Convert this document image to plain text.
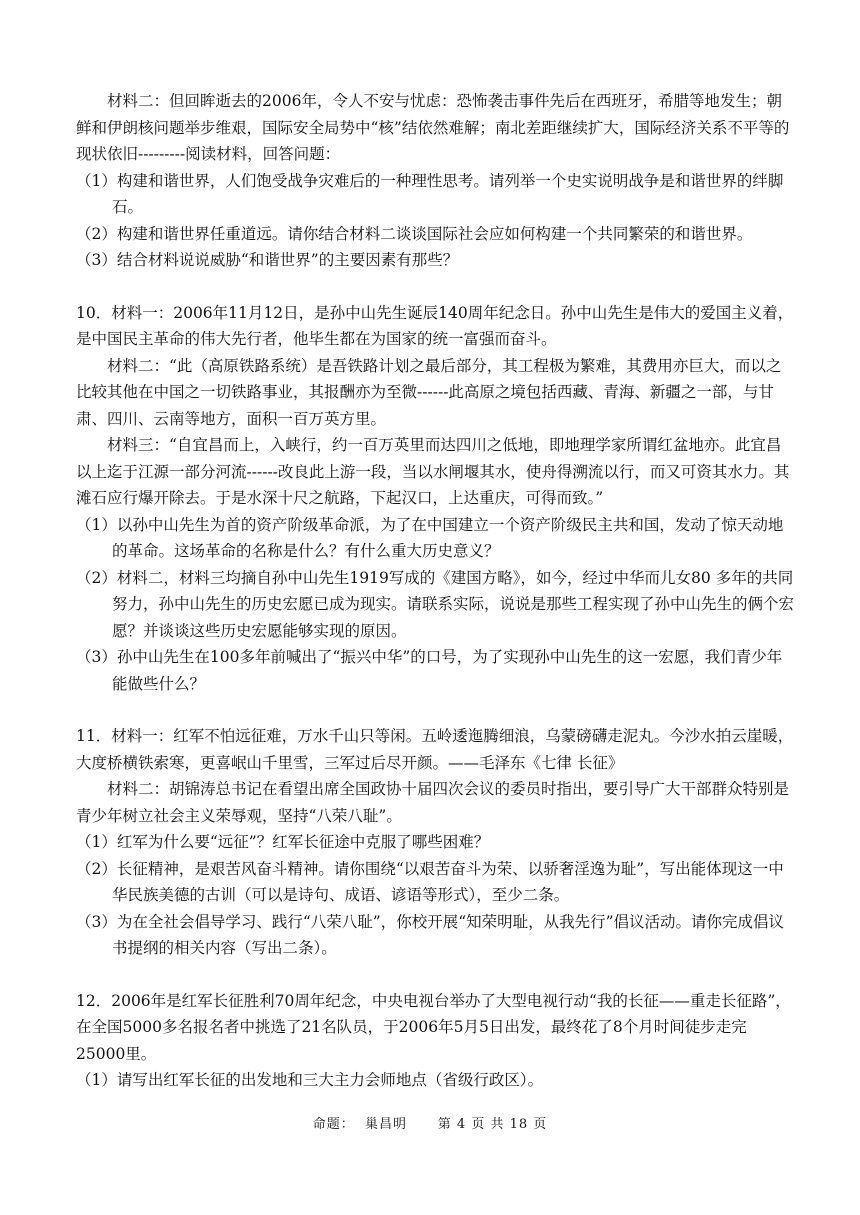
材料二：但回眸逝去的2006年，令人不安与忧虑：恐怖袭击事件先后在西班牙，希腊等地发生；朝鲜和伊朗核问题举步维艰，国际安全局势中“核”结依然难解；南北差距继续扩大，国际经济关系不平等的现状依旧---------阅读材料，回答问题：

（1）构建和谐世界，人们饱受战争灾难后的一种理性思考。请列举一个史实说明战争是和谐世界的绊脚石。

（2）构建和谐世界任重道远。请你结合材料二谈谈国际社会应如何构建一个共同繁荣的和谐世界。

（3）结合材料说说威胁“和谐世界”的主要因素有那些？

10．材料一：2006年11月12日，是孙中山先生诞辰140周年纪念日。孙中山先生是伟大的爱国主义着，是中国民主革命的伟大先行者，他毕生都在为国家的统一富强而奋斗。

材料二：“此（高原铁路系统）是吾铁路计划之最后部分，其工程极为繁难，其费用亦巨大，而以之比较其他在中国之一切铁路事业，其报酬亦为至微------此高原之境包括西藏、青海、新疆之一部，与甘肃、四川、云南等地方，面积一百万英方里。

材料三：“自宜昌而上，入峡行，约一百万英里而达四川之低地，即地理学家所谓红盆地亦。此宜昌以上迄于江源一部分河流------改良此上游一段，当以水闸堰其水，使舟得溯流以行，而又可资其水力。其滩石应行爆开除去。于是水深十尺之航路，下起汉口，上达重庆，可得而致。”

（1）以孙中山先生为首的资产阶级革命派，为了在中国建立一个资产阶级民主共和国，发动了惊天动地的革命。这场革命的名称是什么？有什么重大历史意义？

（2）材料二，材料三均摘自孙中山先生1919写成的《建国方略》，如今，经过中华而儿女80 多年的共同努力，孙中山先生的历史宏愿已成为现实。请联系实际，说说是那些工程实现了孙中山先生的俩个宏愿？并谈谈这些历史宏愿能够实现的原因。

（3）孙中山先生在100多年前喊出了“振兴中华”的口号，为了实现孙中山先生的这一宏愿，我们青少年能做些什么？

11．材料一：红军不怕远征难，万水千山只等闲。五岭逶迤腾细浪，乌蒙磅礴走泥丸。今沙水拍云崖暖，大度桥横铁索寒，更喜岷山千里雪，三军过后尽开颜。——毛泽东《七律 长征》

材料二：胡锦涛总书记在看望出席全国政协十届四次会议的委员时指出，要引导广大干部群众特别是青少年树立社会主义荣辱观，坚持“八荣八耻”。

（1）红军为什么要“远征”？红军长征途中克服了哪些困难？

（2）长征精神，是艰苦风奋斗精神。请你围绕“以艰苦奋斗为荣、以骄奢淫逸为耻”，写出能体现这一中华民族美德的古训（可以是诗句、成语、谚语等形式），至少二条。

（3）为在全社会倡导学习、践行“八荣八耻”，你校开展“知荣明耻，从我先行”倡议活动。请你完成倡议书提纲的相关内容（写出二条）。

12．2006年是红军长征胜利70周年纪念，中央电视台举办了大型电视行动“我的长征——重走长征路”，在全国5000多名报名者中挑选了21名队员，于2006年5月5日出发，最终花了8个月时间徒步走完25000里。

（1）请写出红军长征的出发地和三大主力会师地点（省级行政区）。

命题：  巢昌明 第 4 页 共 18 页
